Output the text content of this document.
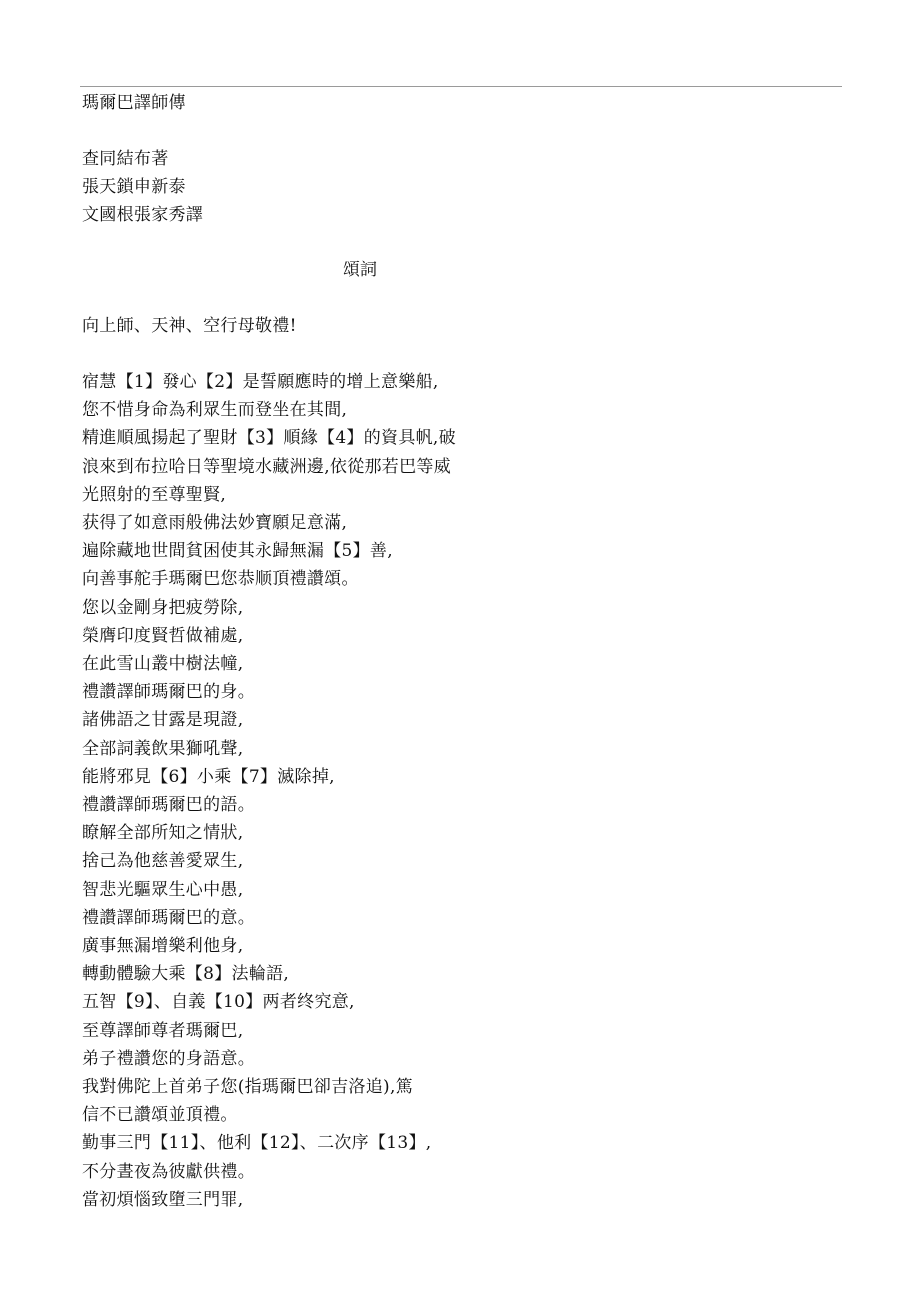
瑪爾巴譯師傳
查同結布著
張天鎖申新泰
文國根張家秀譯
頌詞
向上師、天神、空行母敬禮!
宿慧【1】發心【2】是誓願應時的增上意樂船,
您不惜身命為利眾生而登坐在其間,
精進順風揚起了聖財【3】順緣【4】的資具帆,破
浪來到布拉哈日等聖境水藏洲邊,依從那若巴等威
光照射的至尊聖賢,
获得了如意雨般佛法妙寶願足意滿,
遍除藏地世間貧困使其永歸無漏【5】善,
向善事舵手瑪爾巴您恭顺頂禮讚頌。
您以金剛身把疲勞除,
榮膺印度賢哲做補處,
在此雪山叢中樹法幢,
禮讚譯師瑪爾巴的身。
諸佛語之甘露是現證,
全部詞義飲果獅吼聲,
能將邪見【6】小乘【7】滅除掉,
禮讚譯師瑪爾巴的語。
瞭解全部所知之情狀,
捨己為他慈善愛眾生,
智悲光驅眾生心中愚,
禮讚譯師瑪爾巴的意。
廣事無漏增樂利他身,
轉動體驗大乘【8】法輪語,
五智【9】、自義【10】两者终究意,
至尊譯師尊者瑪爾巴,
弟子禮讚您的身語意。
我對佛陀上首弟子您(指瑪爾巴卻吉洛追),篤
信不已讚頌並頂禮。
勤事三門【11】、他利【12】、二次序【13】,
不分晝夜為彼獻供禮。
當初煩惱致墮三門罪,
